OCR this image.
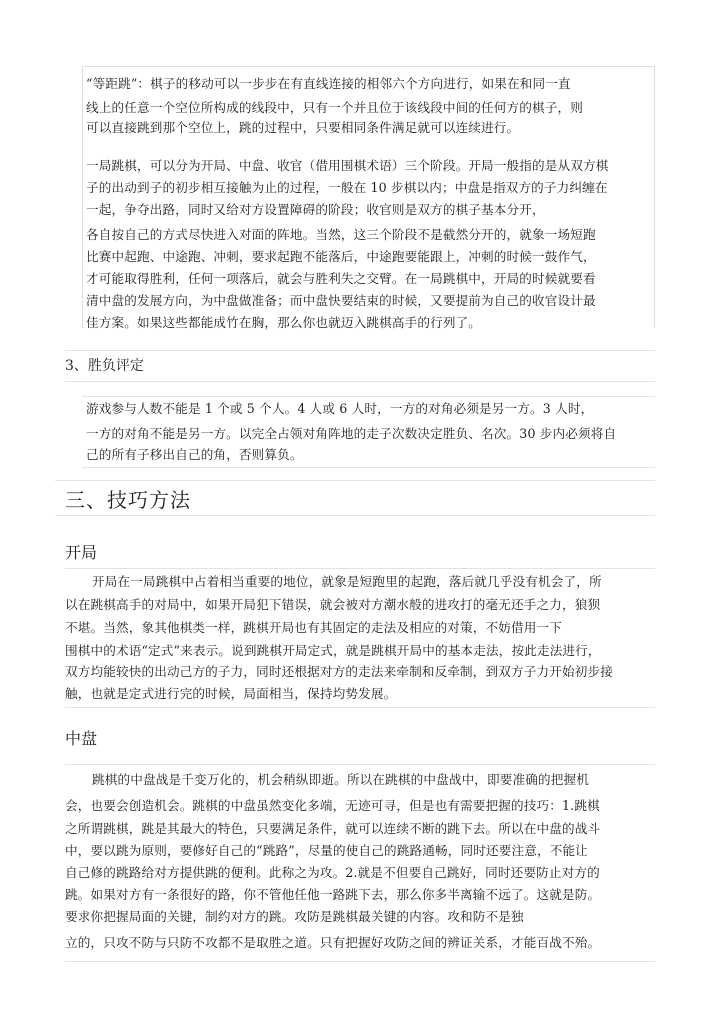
“等距跳”：棋子的移动可以一步步在有直线连接的相邻六个方向进行，如果在和同一直
线上的任意一个空位所构成的线段中，只有一个并且位于该线段中间的任何方的棋子，则
可以直接跳到那个空位上，跳的过程中，只要相同条件满足就可以连续进行。
一局跳棋，可以分为开局、中盘、收官（借用围棋术语）三个阶段。开局一般指的是从双方棋
子的出动到子的初步相互接触为止的过程，一般在 10 步棋以内；中盘是指双方的子力纠缠在
一起，争夺出路，同时又给对方设置障碍的阶段；收官则是双方的棋子基本分开，
各自按自己的方式尽快进入对面的阵地。当然，这三个阶段不是截然分开的，就象一场短跑
比赛中起跑、中途跑、冲刺，要求起跑不能落后，中途跑要能跟上，冲刺的时候一鼓作气，
才可能取得胜利，任何一项落后，就会与胜利失之交臂。在一局跳棋中，开局的时候就要看
清中盘的发展方向，为中盘做准备；而中盘快要结束的时候，又要提前为自己的收官设计最
佳方案。如果这些都能成竹在胸，那么你也就迈入跳棋高手的行列了。
3、胜负评定
游戏参与人数不能是 1 个或 5 个人。4 人或 6 人时，一方的对角必须是另一方。3 人时，
一方的对角不能是另一方。以完全占领对角阵地的走子次数决定胜负、名次。30 步内必须将自
己的所有子移出自己的角，否则算负。
三、技巧方法
开局
开局在一局跳棋中占着相当重要的地位，就象是短跑里的起跑，落后就几乎没有机会了，所
以在跳棋高手的对局中，如果开局犯下错误，就会被对方潮水般的进攻打的毫无还手之力，狼狈
不堪。当然，象其他棋类一样，跳棋开局也有其固定的走法及相应的对策，不妨借用一下
围棋中的术语“定式”来表示。说到跳棋开局定式，就是跳棋开局中的基本走法，按此走法进行，
双方均能较快的出动己方的子力，同时还根据对方的走法来牵制和反牵制，到双方子力开始初步接
触，也就是定式进行完的时候，局面相当，保持均势发展。
中盘
跳棋的中盘战是千变万化的，机会稍纵即逝。所以在跳棋的中盘战中，即要准确的把握机
会，也要会创造机会。跳棋的中盘虽然变化多端，无迹可寻，但是也有需要把握的技巧：1.跳棋
之所谓跳棋，跳是其最大的特色，只要满足条件，就可以连续不断的跳下去。所以在中盘的战斗
中，要以跳为原则，要修好自己的“跳路”，尽量的使自己的跳路通畅，同时还要注意，不能让
自己修的跳路给对方提供跳的便利。此称之为攻。2.就是不但要自己跳好，同时还要防止对方的
跳。如果对方有一条很好的路，你不管他任他一路跳下去，那么你多半离输不远了。这就是防。
要求你把握局面的关键，制约对方的跳。攻防是跳棋最关键的内容。攻和防不是独
立的，只攻不防与只防不攻都不是取胜之道。只有把握好攻防之间的辨证关系，才能百战不殆。
